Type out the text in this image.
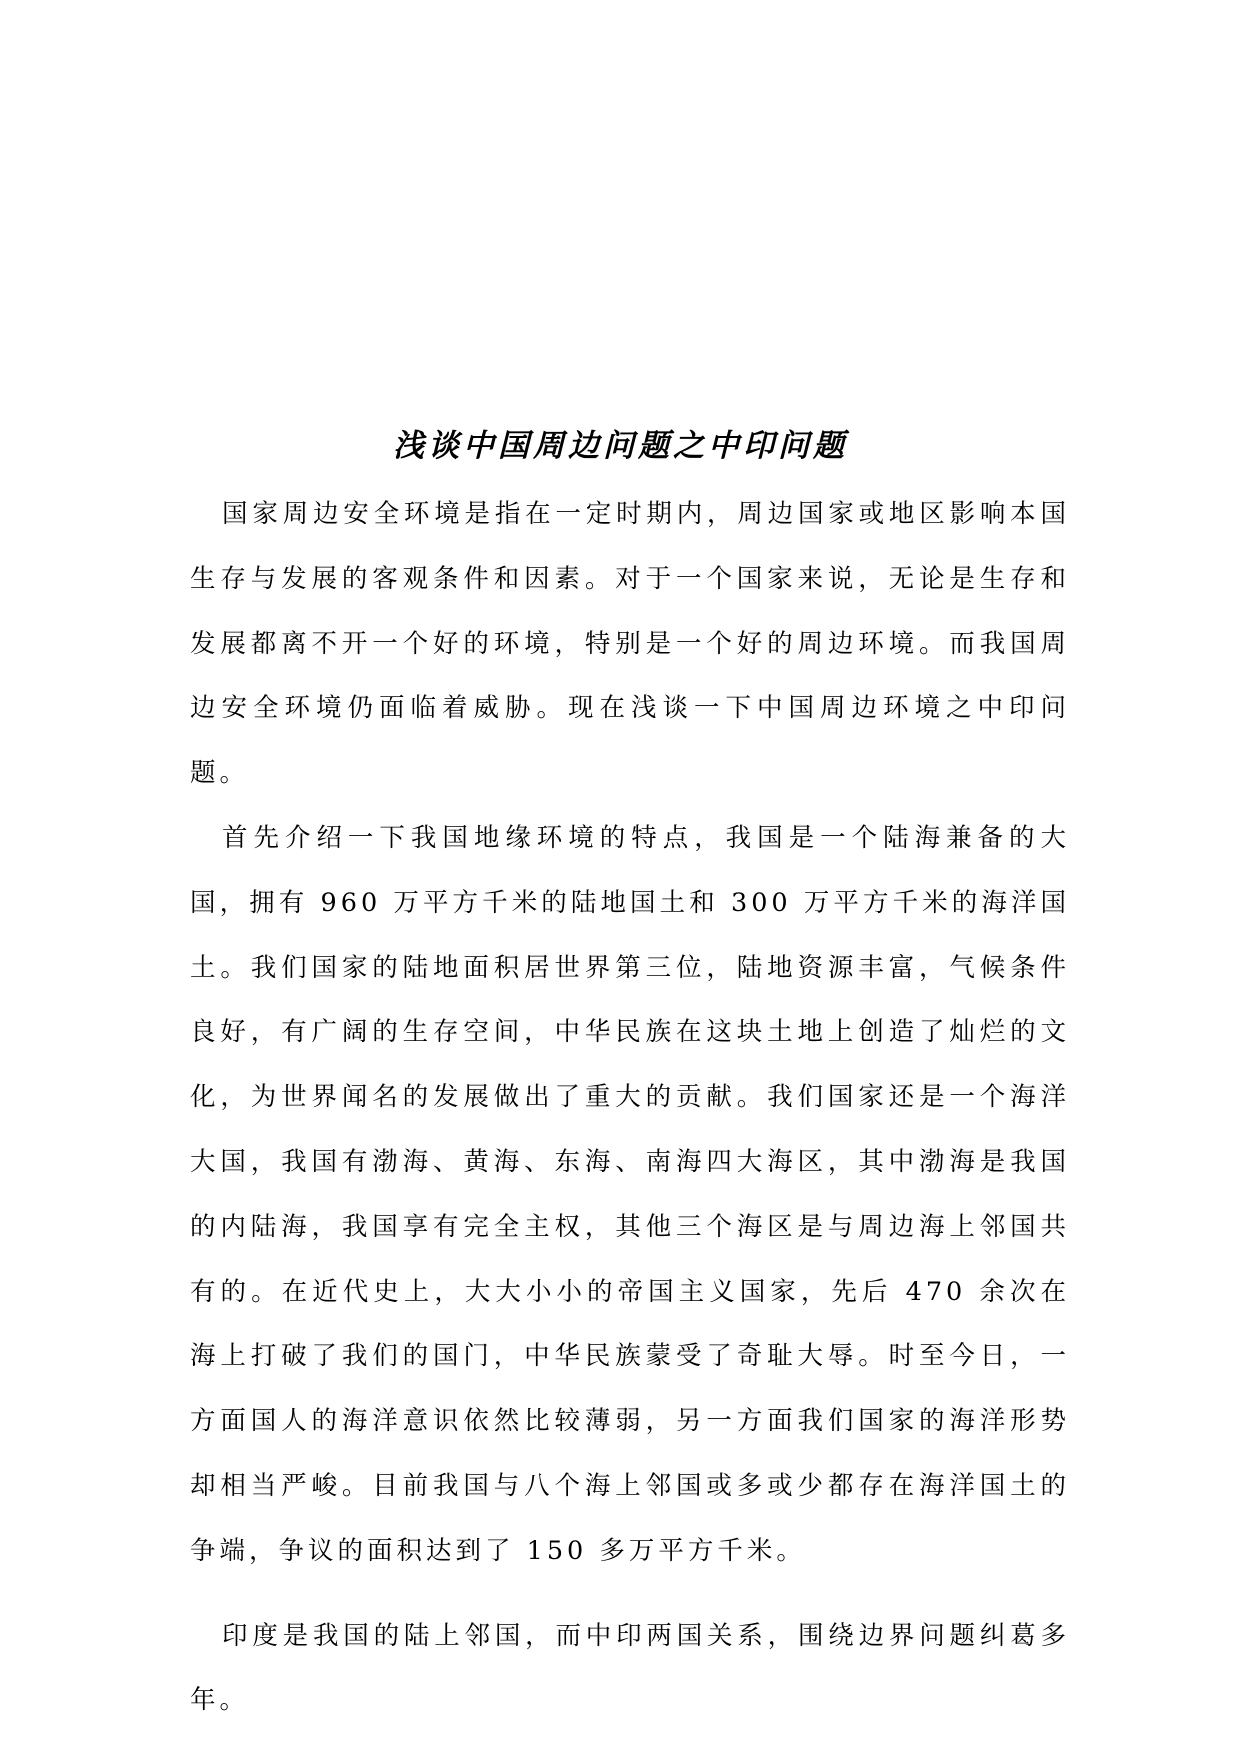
浅谈中国周边问题之中印问题

国家周边安全环境是指在一定时期内，周边国家或地区影响本国生存与发展的客观条件和因素。对于一个国家来说，无论是生存和发展都离不开一个好的环境，特别是一个好的周边环境。而我国周边安全环境仍面临着威胁。现在浅谈一下中国周边环境之中印问题。

首先介绍一下我国地缘环境的特点，我国是一个陆海兼备的大国，拥有 960 万平方千米的陆地国土和 300 万平方千米的海洋国土。我们国家的陆地面积居世界第三位，陆地资源丰富，气候条件良好，有广阔的生存空间，中华民族在这块土地上创造了灿烂的文化，为世界闻名的发展做出了重大的贡献。我们国家还是一个海洋大国，我国有渤海、黄海、东海、南海四大海区，其中渤海是我国的内陆海，我国享有完全主权，其他三个海区是与周边海上邻国共有的。在近代史上，大大小小的帝国主义国家，先后 470 余次在海上打破了我们的国门，中华民族蒙受了奇耻大辱。时至今日，一方面国人的海洋意识依然比较薄弱，另一方面我们国家的海洋形势却相当严峻。目前我国与八个海上邻国或多或少都存在海洋国土的争端，争议的面积达到了 150 多万平方千米。

印度是我国的陆上邻国，而中印两国关系，围绕边界问题纠葛多年。
